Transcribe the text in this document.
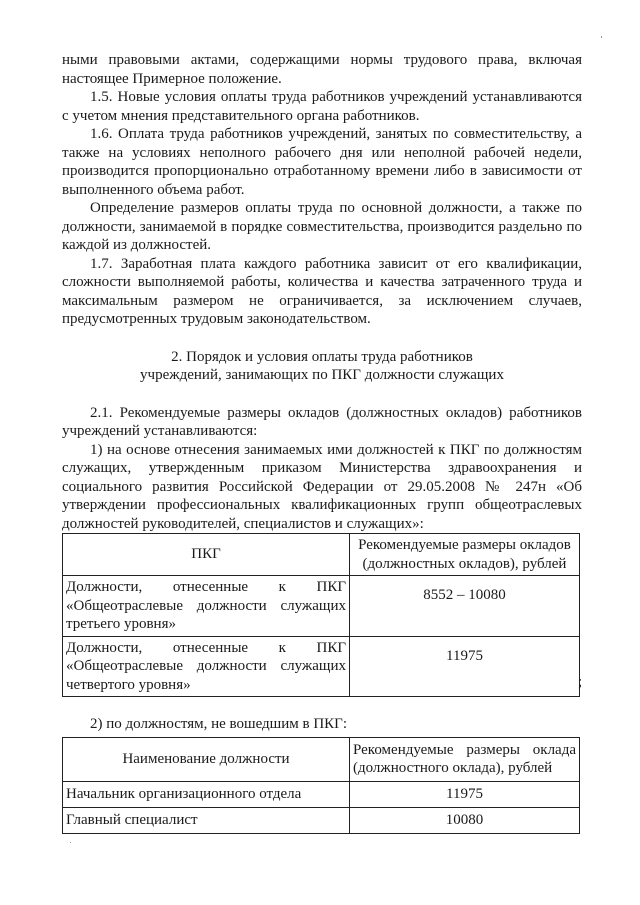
ными правовыми актами, содержащими нормы трудового права, включая настоящее Примерное положение.

1.5. Новые условия оплаты труда работников учреждений устанавливаются с учетом мнения представительного органа работников.

1.6. Оплата труда работников учреждений, занятых по совместительству, а также на условиях неполного рабочего дня или неполной рабочей недели, производится пропорционально отработанному времени либо в зависимости от выполненного объема работ.

Определение размеров оплаты труда по основной должности, а также по должности, занимаемой в порядке совместительства, производится раздельно по каждой из должностей.

1.7. Заработная плата каждого работника зависит от его квалификации, сложности выполняемой работы, количества и качества затраченного труда и максимальным размером не ограничивается, за исключением случаев, предусмотренных трудовым законодательством.

2. Порядок и условия оплаты труда работников
учреждений, занимающих по ПКГ должности служащих

2.1. Рекомендуемые размеры окладов (должностных окладов) работников учреждений устанавливаются:

1) на основе отнесения занимаемых ими должностей к ПКГ по должностям служащих, утвержденным приказом Министерства здравоохранения и социального развития Российской Федерации от 29.05.2008 № 247н «Об утверждении профессиональных квалификационных групп общеотраслевых должностей руководителей, специалистов и служащих»:

ПКГ	Рекомендуемые размеры окладов (должностных окладов), рублей
Должности, отнесенные к ПКГ «Общеотраслевые должности служащих третьего уровня»	8552 – 10080
Должности, отнесенные к ПКГ «Общеотраслевые должности служащих четвертого уровня»	11975

2) по должностям, не вошедшим в ПКГ:

Наименование должности	Рекомендуемые размеры оклада (должностного оклада), рублей
Начальник организационного отдела	11975
Главный специалист	10080
;
